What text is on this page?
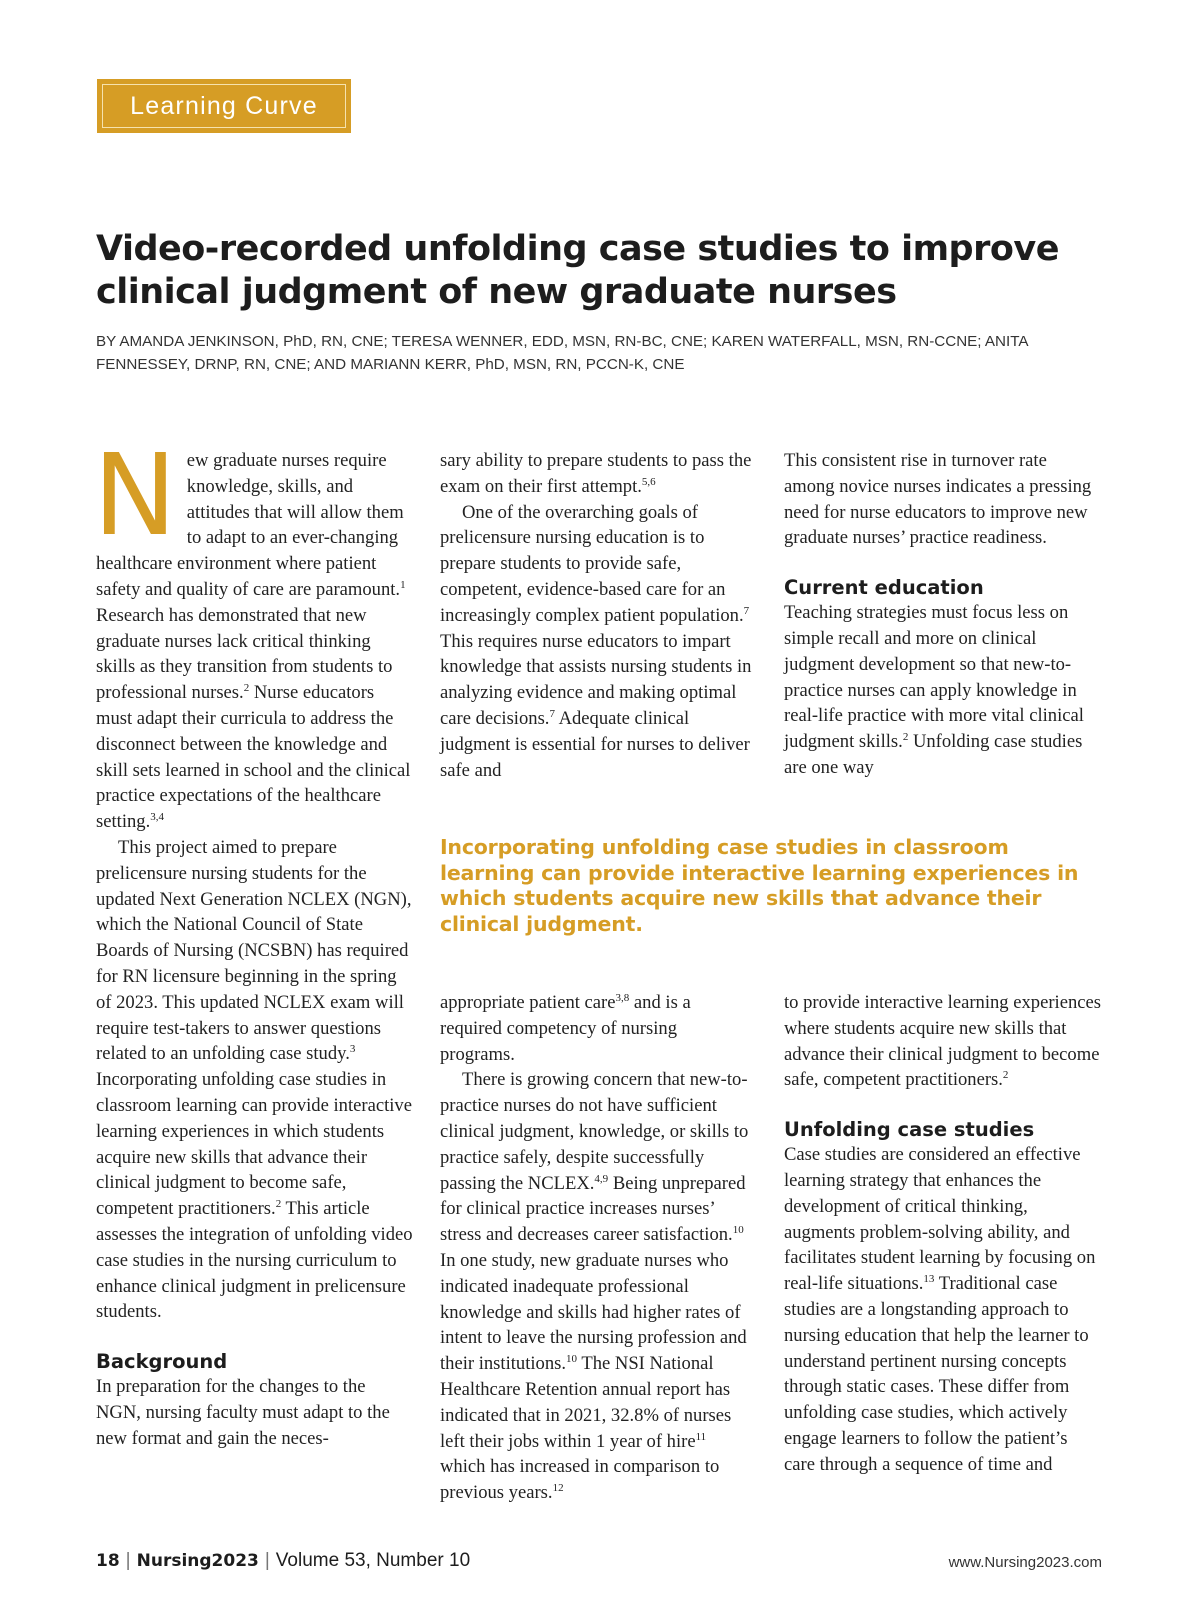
Learning Curve
Video-recorded unfolding case studies to improve clinical judgment of new graduate nurses

BY AMANDA JENKINSON, PhD, RN, CNE; TERESA WENNER, EDD, MSN, RN-BC, CNE; KAREN WATERFALL, MSN, RN-CCNE; ANITA FENNESSEY, DRNP, RN, CNE; AND MARIANN KERR, PhD, MSN, RN, PCCN-K, CNE

New graduate nurses require knowledge, skills, and attitudes that will allow them to adapt to an ever-changing healthcare environment where patient safety and quality of care are paramount.$^1$ Research has demonstrated that new graduate nurses lack critical thinking skills as they transition from students to professional nurses.$^2$ Nurse educators must adapt their curricula to address the disconnect between the knowledge and skill sets learned in school and the clinical practice expectations of the healthcare setting.$^{3,4}$

This project aimed to prepare prelicensure nursing students for the updated Next Generation NCLEX (NGN), which the National Council of State Boards of Nursing (NCSBN) has required for RN licensure beginning in the spring of 2023. This updated NCLEX exam will require test-takers to answer questions related to an unfolding case study.$^3$ Incorporating unfolding case studies in classroom learning can provide interactive learning experiences in which students acquire new skills that advance their clinical judgment to become safe, competent practitioners.$^2$ This article assesses the integration of unfolding video case studies in the nursing curriculum to enhance clinical judgment in prelicensure students.

Background

In preparation for the changes to the NGN, nursing faculty must adapt to the new format and gain the neces-

sary ability to prepare students to pass the exam on their first attempt.$^{5,6}$

One of the overarching goals of prelicensure nursing education is to prepare students to provide safe, competent, evidence-based care for an increasingly complex patient population.$^7$ This requires nurse educators to impart knowledge that assists nursing students in analyzing evidence and making optimal care decisions.$^7$ Adequate clinical judgment is essential for nurses to deliver safe and

This consistent rise in turnover rate among novice nurses indicates a pressing need for nurse educators to improve new graduate nurses’ practice readiness.

Current education

Teaching strategies must focus less on simple recall and more on clinical judgment development so that new-to-practice nurses can apply knowledge in real-life practice with more vital clinical judgment skills.$^2$ Unfolding case studies are one way

Incorporating unfolding case studies in classroom learning can provide interactive learning experiences in which students acquire new skills that advance their clinical judgment.

appropriate patient care$^{3,8}$ and is a required competency of nursing programs.

There is growing concern that new-to-practice nurses do not have sufficient clinical judgment, knowledge, or skills to practice safely, despite successfully passing the NCLEX.$^{4,9}$ Being unprepared for clinical practice increases nurses’ stress and decreases career satisfaction.$^{10}$ In one study, new graduate nurses who indicated inadequate professional knowledge and skills had higher rates of intent to leave the nursing profession and their institutions.$^{10}$ The NSI National Healthcare Retention annual report has indicated that in 2021, 32.8% of nurses left their jobs within 1 year of hire$^{11}$ which has increased in comparison to previous years.$^{12}$

to provide interactive learning experiences where students acquire new skills that advance their clinical judgment to become safe, competent practitioners.$^2$

Unfolding case studies

Case studies are considered an effective learning strategy that enhances the development of critical thinking, augments problem-solving ability, and facilitates student learning by focusing on real-life situations.$^{13}$ Traditional case studies are a longstanding approach to nursing education that help the learner to understand pertinent nursing concepts through static cases. These differ from unfolding case studies, which actively engage learners to follow the patient’s care through a sequence of time and

18 | Nursing2023 | Volume 53, Number 10	www.Nursing2023.com
